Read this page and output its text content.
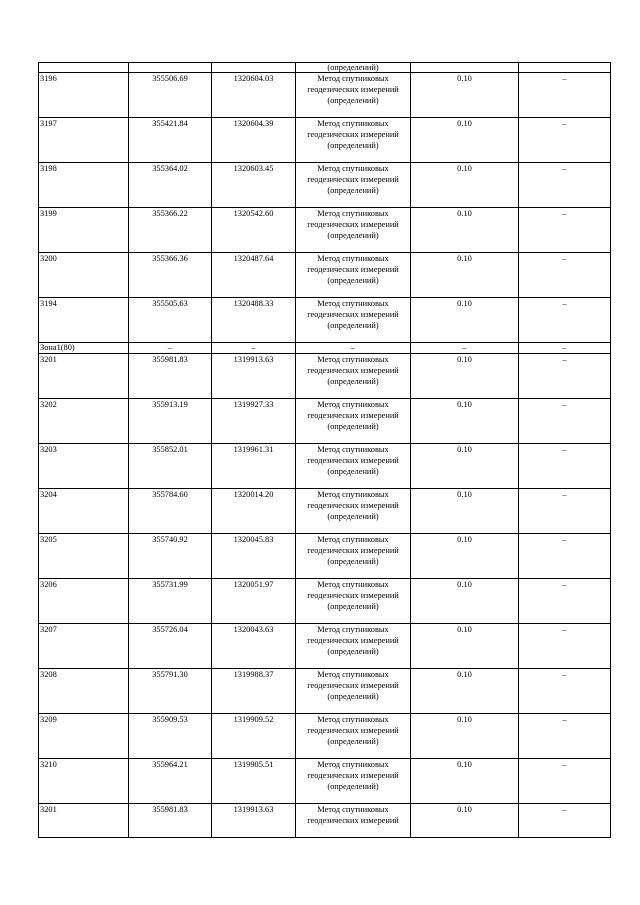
			(определений)		

3196	355506.69	1320604.03	Метод спутниковых геодезических измерений (определений)	0.10	–
3197	355421.84	1320604.39	Метод спутниковых геодезических измерений (определений)	0.10	–
3198	355364.02	1320603.45	Метод спутниковых геодезических измерений (определений)	0.10	–
3199	355366.22	1320542.60	Метод спутниковых геодезических измерений (определений)	0.10	–
3200	355366.36	1320487.64	Метод спутниковых геодезических измерений (определений)	0.10	–
3194	355505.63	1320488.33	Метод спутниковых геодезических измерений (определений)	0.10	–
Зона1(80)	–	–	–	–	–
3201	355981.83	1319913.63	Метод спутниковых геодезических измерений (определений)	0.10	–
3202	355913.19	1319927.33	Метод спутниковых геодезических измерений (определений)	0.10	–
3203	355852.01	1319961.31	Метод спутниковых геодезических измерений (определений)	0.10	–
3204	355784.60	1320014.20	Метод спутниковых геодезических измерений (определений)	0.10	–
3205	355740.92	1320045.83	Метод спутниковых геодезических измерений (определений)	0.10	–
3206	355731.99	1320051.97	Метод спутниковых геодезических измерений (определений)	0.10	–
3207	355726.04	1320043.63	Метод спутниковых геодезических измерений (определений)	0.10	–
3208	355791.30	1319988.37	Метод спутниковых геодезических измерений (определений)	0.10	–
3209	355909.53	1319909.52	Метод спутниковых геодезических измерений (определений)	0.10	–
3210	355964.21	1319905.51	Метод спутниковых геодезических измерений (определений)	0.10	–
3201	355981.83	1319913.63	Метод спутниковых геодезических измерений	0.10	–
